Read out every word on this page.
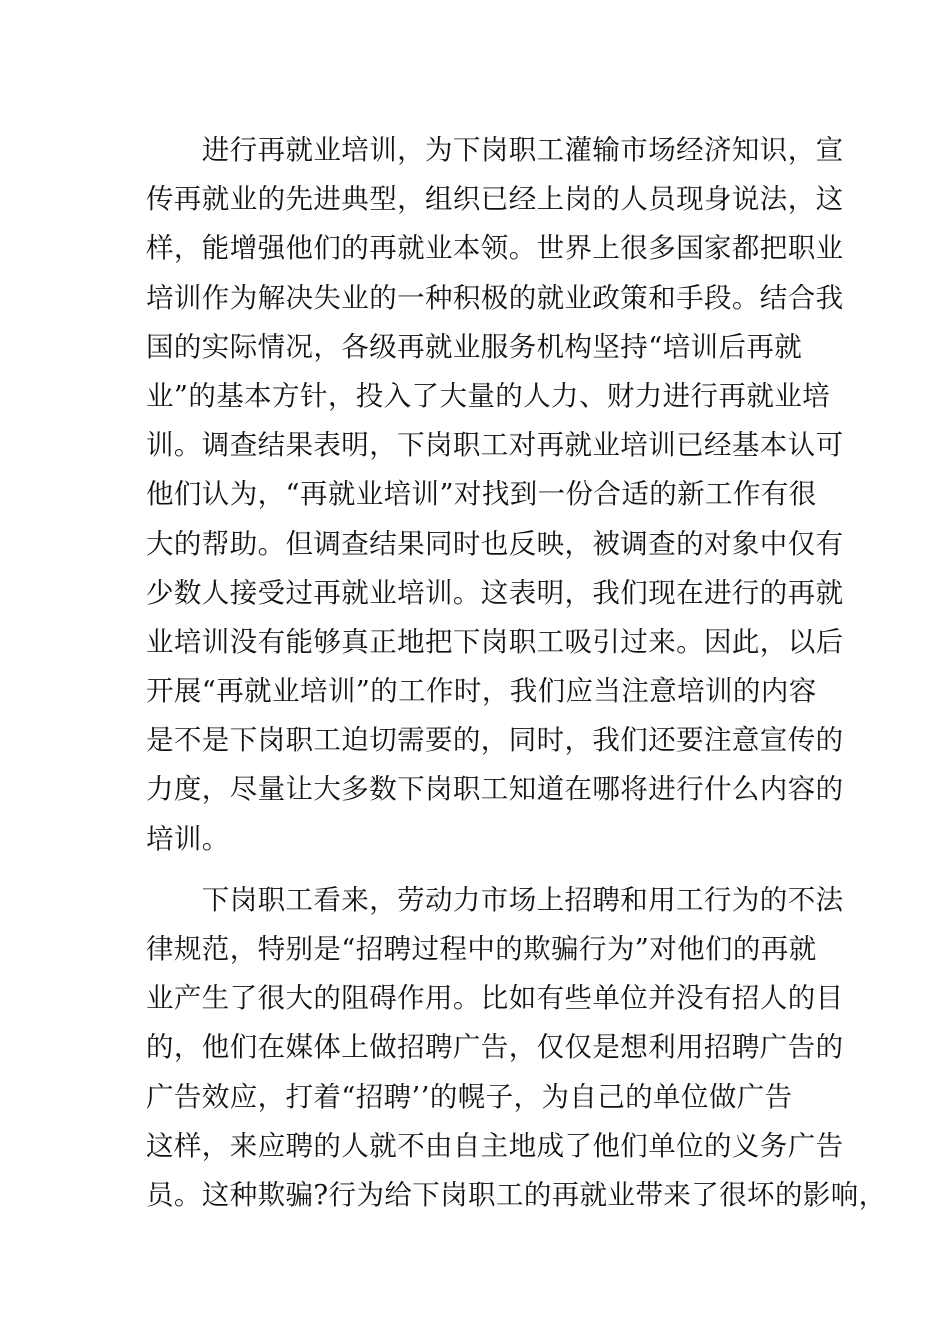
　　进行再就业培训，为下岗职工灌输市场经济知识，宣
传再就业的先进典型，组织已经上岗的人员现身说法，这
样，能增强他们的再就业本领。世界上很多国家都把职业
培训作为解决失业的一种积极的就业政策和手段。结合我
国的实际情况，各级再就业服务机构坚持“培训后再就
业”的基本方针，投入了大量的人力、财力进行再就业培
训。调查结果表明，下岗职工对再就业培训已经基本认可
他们认为，“再就业培训”对找到一份合适的新工作有很
大的帮助。但调查结果同时也反映，被调查的对象中仅有
少数人接受过再就业培训。这表明，我们现在进行的再就
业培训没有能够真正地把下岗职工吸引过来。因此，以后
开展“再就业培训”的工作时，我们应当注意培训的内容
是不是下岗职工迫切需要的，同时，我们还要注意宣传的
力度，尽量让大多数下岗职工知道在哪将进行什么内容的
培训。
　　下岗职工看来，劳动力市场上招聘和用工行为的不法
律规范，特别是“招聘过程中的欺骗行为”对他们的再就
业产生了很大的阻碍作用。比如有些单位并没有招人的目
的，他们在媒体上做招聘广告，仅仅是想利用招聘广告的
广告效应，打着“招聘’’的幌子，为自己的单位做广告
这样，来应聘的人就不由自主地成了他们单位的义务广告
员。这种欺骗?行为给下岗职工的再就业带来了很坏的影响，
